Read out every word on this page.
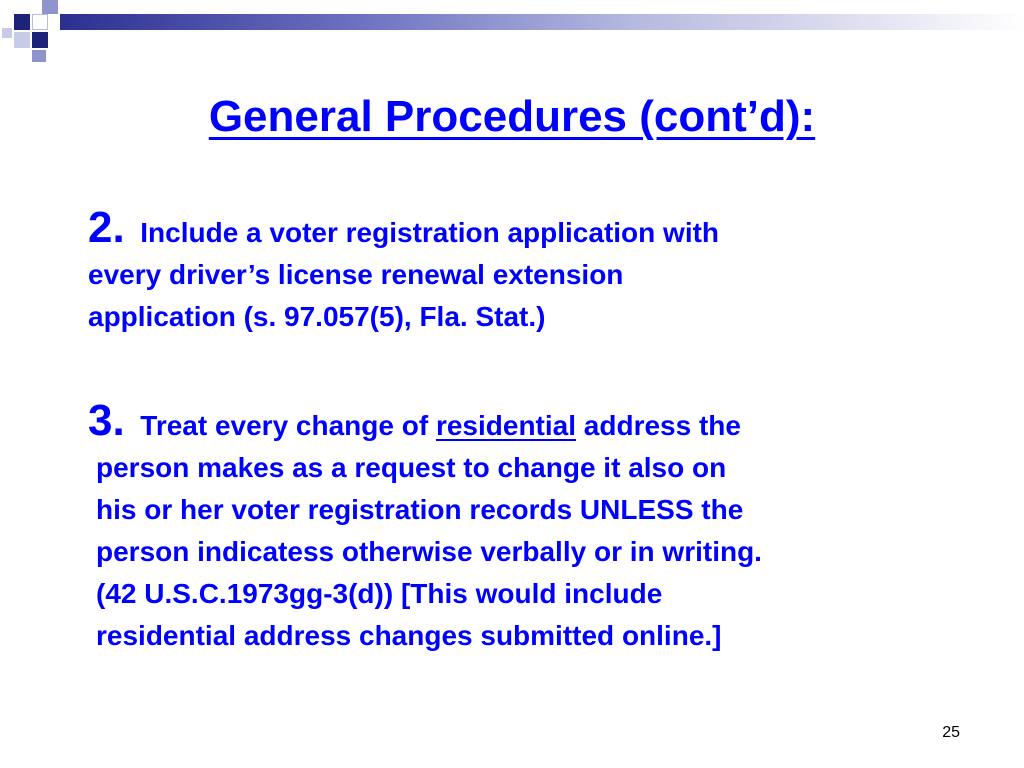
General Procedures (cont’d):
2. Include a voter registration application with
every driver’s license renewal extension
application (s. 97.057(5), Fla. Stat.)
3. Treat every change of residential address the
person makes as a request to change it also on
his or her voter registration records UNLESS the
person indicatess otherwise verbally or in writing.
(42 U.S.C.1973gg-3(d)) [This would include
residential address changes submitted online.]
25
